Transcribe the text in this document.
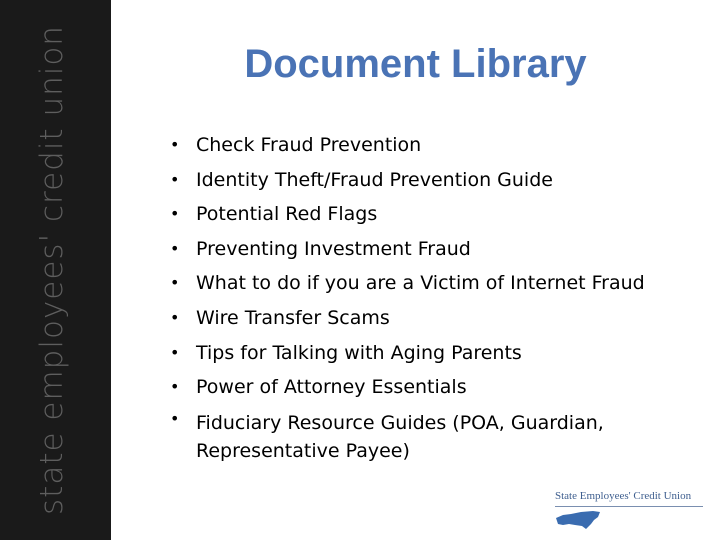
state employees' credit union	Document Library
• Check Fraud Prevention
• Identity Theft/Fraud Prevention Guide
• Potential Red Flags
• Preventing Investment Fraud
• What to do if you are a Victim of Internet Fraud
• Wire Transfer Scams
• Tips for Talking with Aging Parents
• Power of Attorney Essentials
• Fiduciary Resource Guides (POA, Guardian, Representative Payee)
State Employees' Credit Union
